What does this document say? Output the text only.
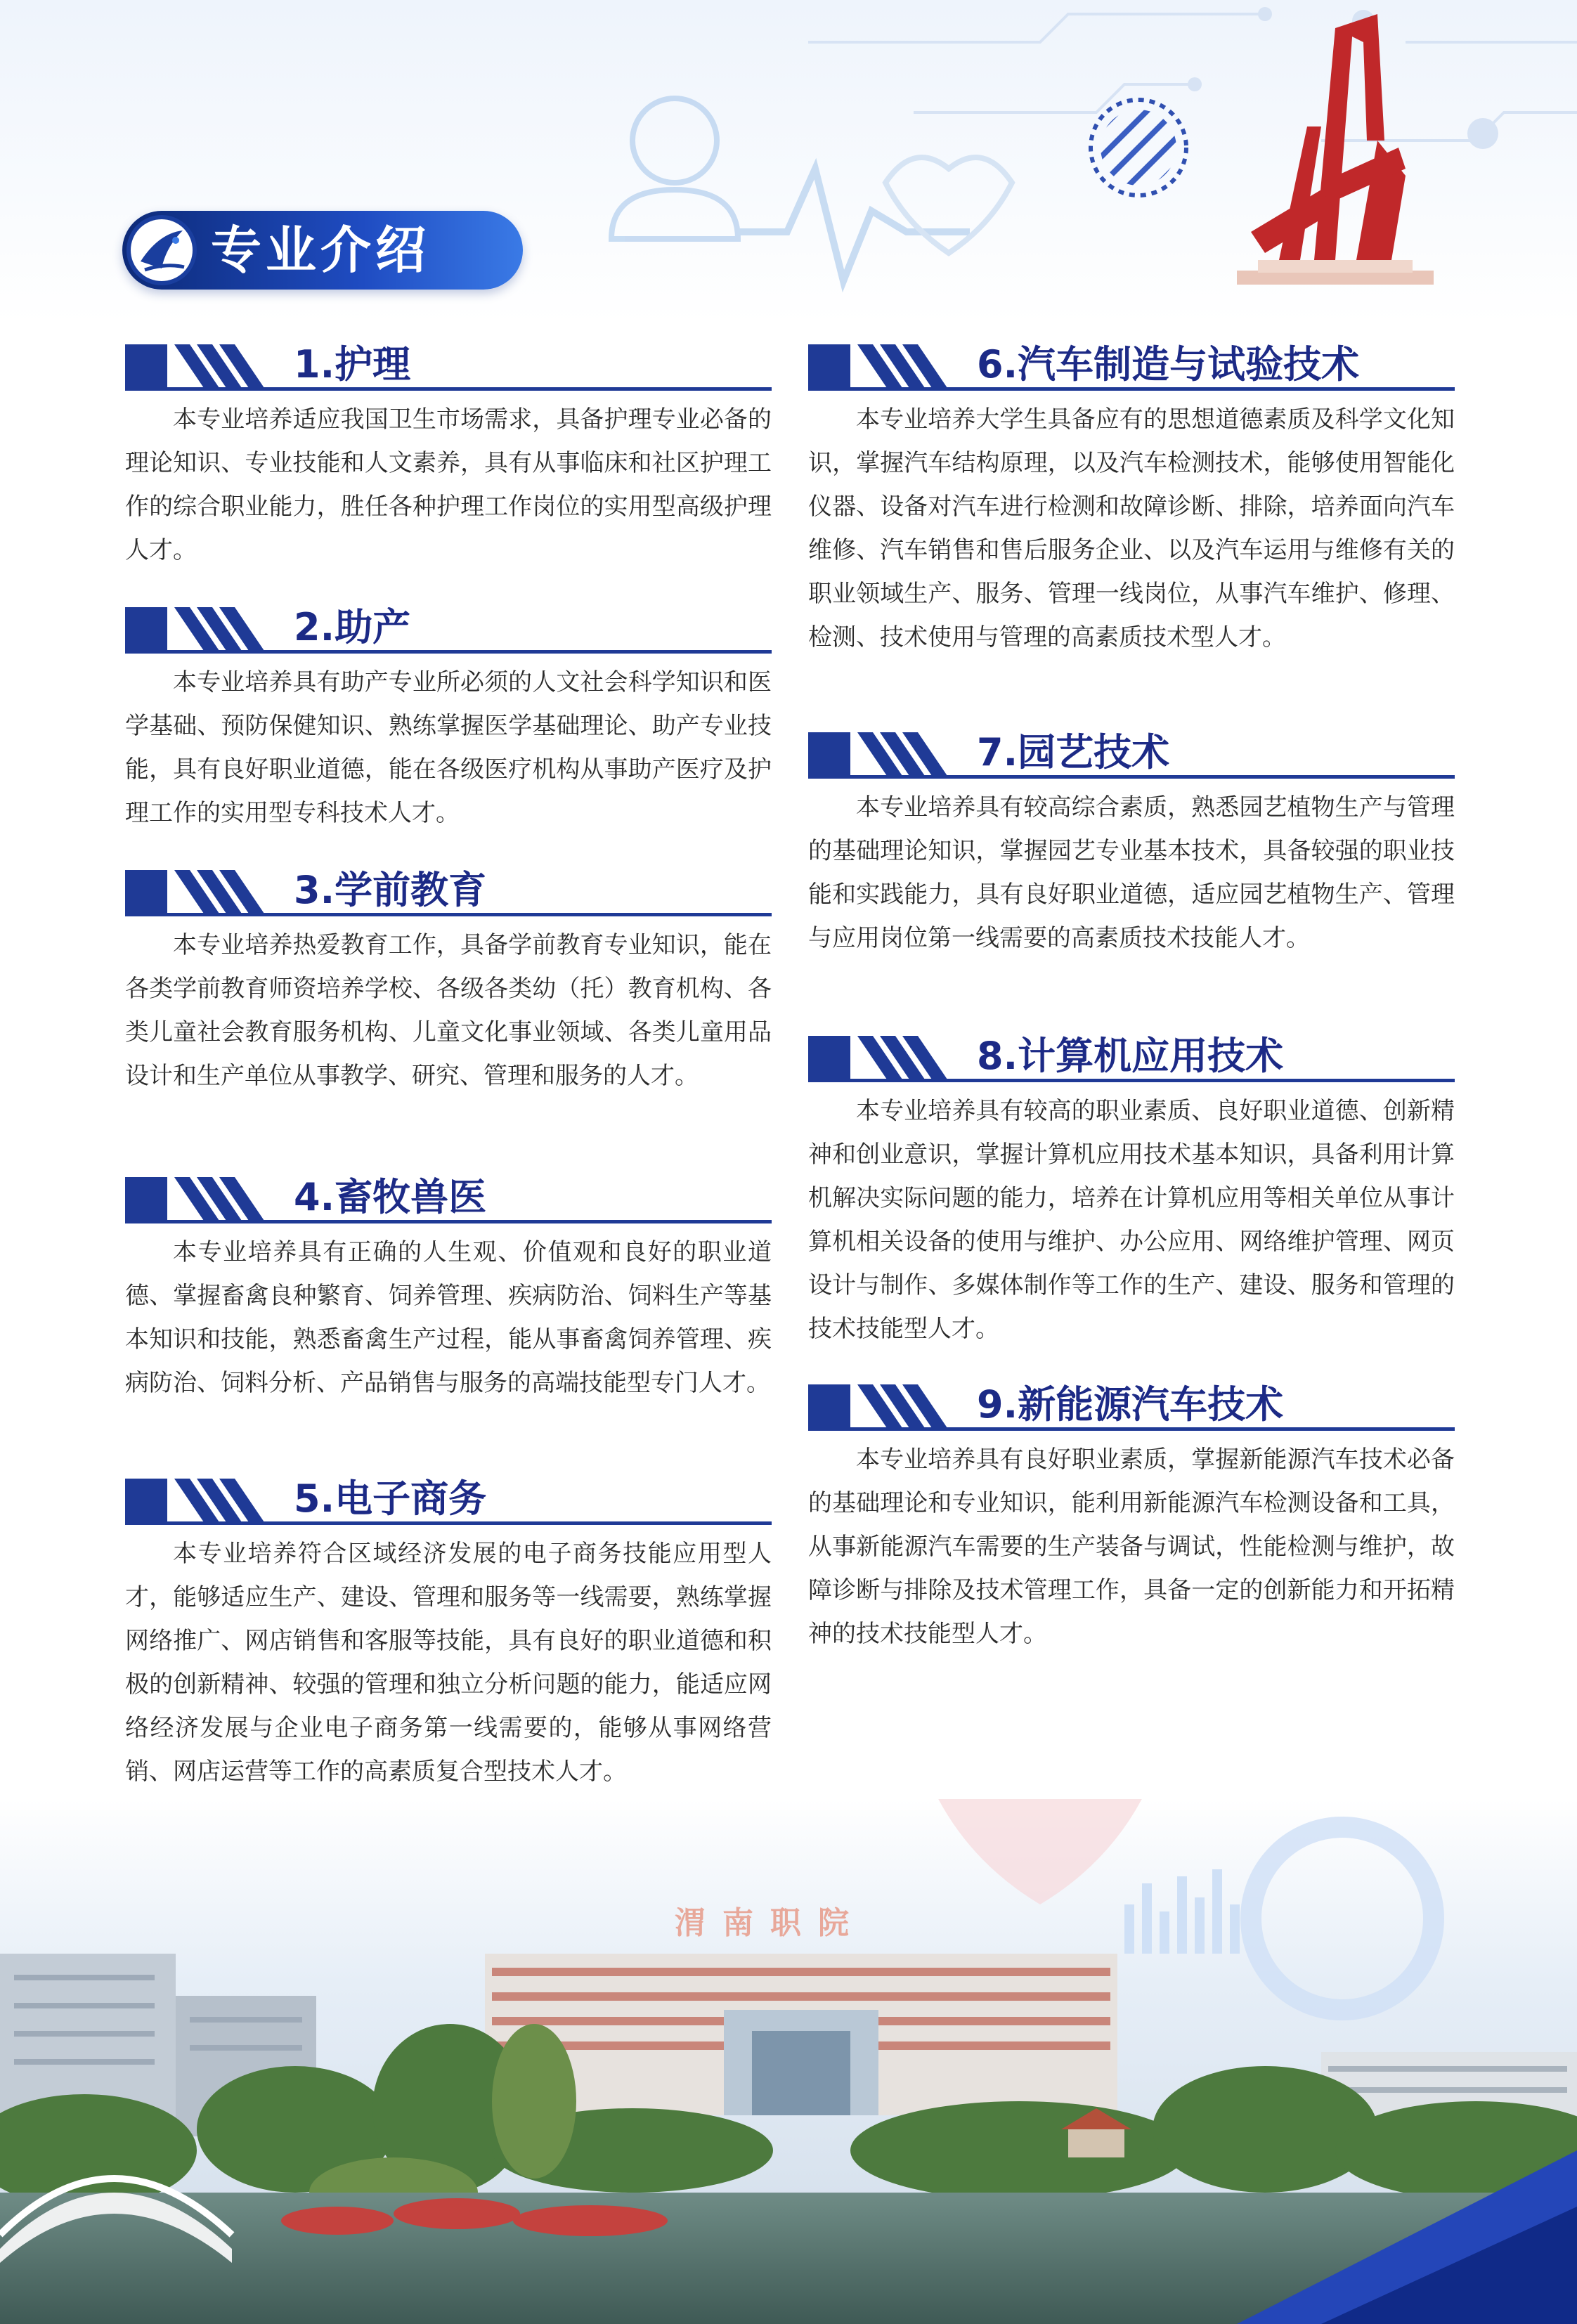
专业介绍
1.护理

本专业培养适应我国卫生市场需求，具备护理专业必备的理论知识、专业技能和人文素养，具有从事临床和社区护理工作的综合职业能力，胜任各种护理工作岗位的实用型高级护理人才。

2.助产

本专业培养具有助产专业所必须的人文社会科学知识和医学基础、预防保健知识、熟练掌握医学基础理论、助产专业技能，具有良好职业道德，能在各级医疗机构从事助产医疗及护理工作的实用型专科技术人才。

3.学前教育

本专业培养热爱教育工作，具备学前教育专业知识，能在各类学前教育师资培养学校、各级各类幼（托）教育机构、各类儿童社会教育服务机构、儿童文化事业领域、各类儿童用品设计和生产单位从事教学、研究、管理和服务的人才。

4.畜牧兽医

本专业培养具有正确的人生观、价值观和良好的职业道德、掌握畜禽良种繁育、饲养管理、疾病防治、饲料生产等基本知识和技能，熟悉畜禽生产过程，能从事畜禽饲养管理、疾病防治、饲料分析、产品销售与服务的高端技能型专门人才。

5.电子商务

本专业培养符合区域经济发展的电子商务技能应用型人才，能够适应生产、建设、管理和服务等一线需要，熟练掌握网络推广、网店销售和客服等技能，具有良好的职业道德和积极的创新精神、较强的管理和独立分析问题的能力，能适应网络经济发展与企业电子商务第一线需要的，能够从事网络营销、网店运营等工作的高素质复合型技术人才。

6.汽车制造与试验技术

本专业培养大学生具备应有的思想道德素质及科学文化知识，掌握汽车结构原理，以及汽车检测技术，能够使用智能化仪器、设备对汽车进行检测和故障诊断、排除，培养面向汽车维修、汽车销售和售后服务企业、以及汽车运用与维修有关的职业领域生产、服务、管理一线岗位，从事汽车维护、修理、检测、技术使用与管理的高素质技术型人才。

7.园艺技术

本专业培养具有较高综合素质，熟悉园艺植物生产与管理的基础理论知识，掌握园艺专业基本技术，具备较强的职业技能和实践能力，具有良好职业道德，适应园艺植物生产、管理与应用岗位第一线需要的高素质技术技能人才。

8.计算机应用技术

本专业培养具有较高的职业素质、良好职业道德、创新精神和创业意识，掌握计算机应用技术基本知识，具备利用计算机解决实际问题的能力，培养在计算机应用等相关单位从事计算机相关设备的使用与维护、办公应用、网络维护管理、网页设计与制作、多媒体制作等工作的生产、建设、服务和管理的技术技能型人才。

9.新能源汽车技术

本专业培养具有良好职业素质，掌握新能源汽车技术必备的基础理论和专业知识，能利用新能源汽车检测设备和工具，从事新能源汽车需要的生产装备与调试，性能检测与维护，故障诊断与排除及技术管理工作，具备一定的创新能力和开拓精神的技术技能型人才。

渭南职院
